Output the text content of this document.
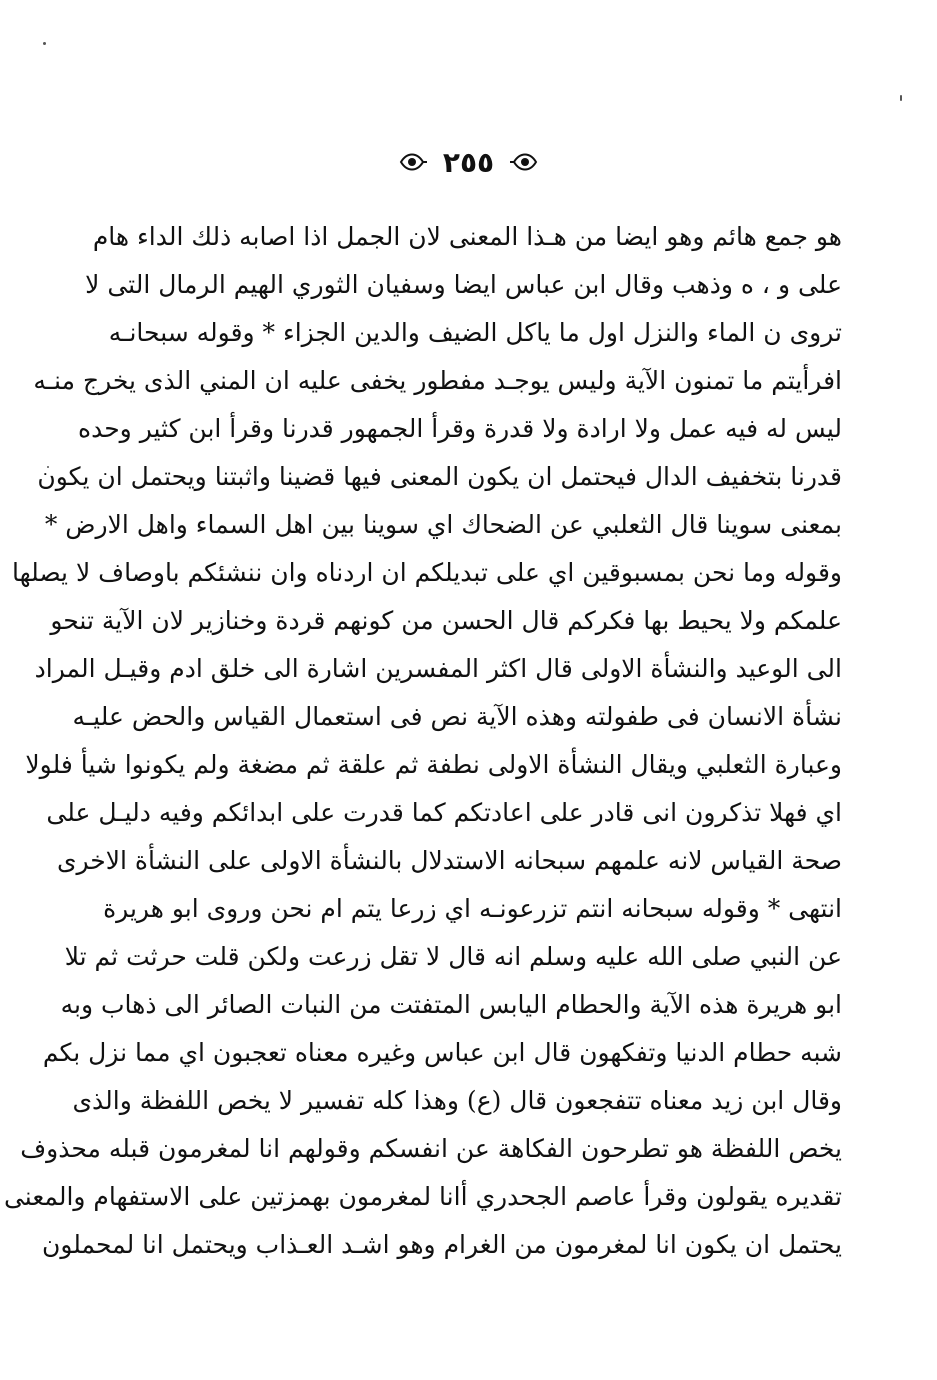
٢٥٥
هو جمع هائم وهو ايضا من هـذا المعنى لان الجمل اذا اصابه ذلك الداء هام
على و ، ه وذهب وقال ابن عباس ايضا وسفيان الثوري الهيم الرمال التى لا
تروى ن الماء والنزل اول ما ياكل الضيف والدين الجزاء * وقوله سبحانـه
افرأيتم ما تمنون الآية وليس يوجـد مفطور يخفى عليه ان المني الذى يخرج منـه
ليس له فيه عمل ولا ارادة ولا قدرة وقرأ الجمهور قدرنا وقرأ ابن كثير وحده
قدرنا بتخفيف الدال فيحتمل ان يكون المعنى فيها قضينا واثبتنا ويحتمل ان يكون
بمعنى سوينا قال الثعلبي عن الضحاك اي سوينا بين اهل السماء واهل الارض *
وقوله وما نحن بمسبوقين اي على تبديلكم ان اردناه وان ننشئكم باوصاف لا يصلها
علمكم ولا يحيط بها فكركم قال الحسن من كونهم قردة وخنازير لان الآية تنحو
الى الوعيد والنشأة الاولى قال اكثر المفسرين اشارة الى خلق ادم وقيـل المراد
نشأة الانسان فى طفولته وهذه الآية نص فى استعمال القياس والحض عليـه
وعبارة الثعلبي ويقال النشأة الاولى نطفة ثم علقة ثم مضغة ولم يكونوا شيأ فلولا
اي فهلا تذكرون انى قادر على اعادتكم كما قدرت على ابدائكم وفيه دليـل على
صحة القياس لانه علمهم سبحانه الاستدلال بالنشأة الاولى على النشأة الاخرى
انتهى * وقوله سبحانه انتم تزرعونـه اي زرعا يتم ام نحن وروى ابو هريرة
عن النبي صلى الله عليه وسلم انه قال لا تقل زرعت ولكن قلت حرثت ثم تلا
ابو هريرة هذه الآية والحطام اليابس المتفتت من النبات الصائر الى ذهاب وبه
شبه حطام الدنيا وتفكهون قال ابن عباس وغيره معناه تعجبون اي مما نزل بكم
وقال ابن زيد معناه تتفجعون قال (ع) وهذا كله تفسير لا يخص اللفظة والذى
يخص اللفظة هو تطرحون الفكاهة عن انفسكم وقولهم انا لمغرمون قبله محذوف
تقديره يقولون وقرأ عاصم الجحدري أانا لمغرمون بهمزتين على الاستفهام والمعنى
يحتمل ان يكون انا لمغرمون من الغرام وهو اشـد العـذاب ويحتمل انا لمحملون
